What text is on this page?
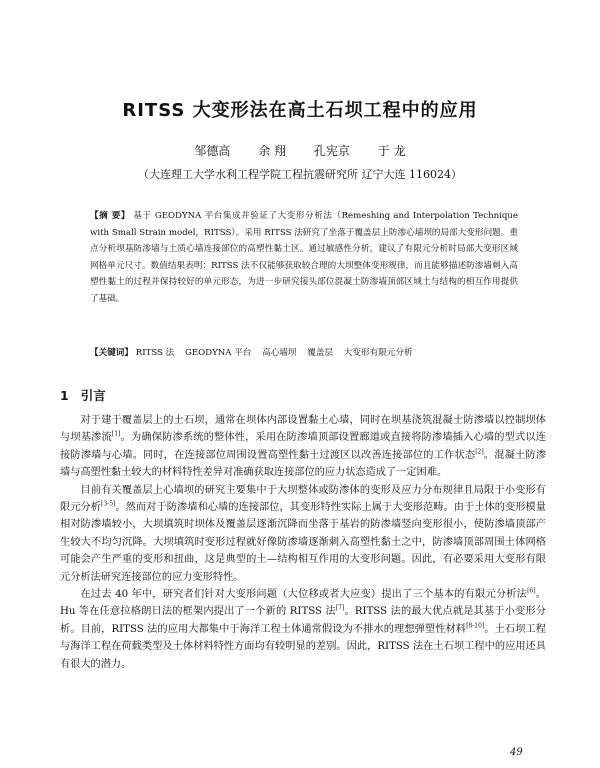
RITSS 大变形法在高土石坝工程中的应用
邹德高 余 翔 孔宪京 于 龙
（大连理工大学水利工程学院工程抗震研究所 辽宁大连 116024）
【摘 要】 基于 GEODYNA 平台集成并验证了大变形分析法（Remeshing and Interpolation Technique with Small Strain model，RITSS）。采用 RITSS 法研究了坐落于覆盖层上防渗心墙坝的局部大变形问题。重点分析坝基防渗墙与土质心墙连接部位的高塑性黏土区。通过敏感性分析，建议了有限元分析时局部大变形区域网格单元尺寸。数值结果表明：RITSS 法不仅能够获取较合理的大坝整体变形规律，而且能够描述防渗墙刺入高塑性黏土的过程并保持较好的单元形态，为进一步研究接头部位混凝土防渗墙顶部区域土与结构的相互作用提供了基础。
【关键词】 RITSS 法 GEODYNA 平台 高心墙坝 覆盖层 大变形有限元分析
1 引言

对于建于覆盖层上的土石坝，通常在坝体内部设置黏土心墙，同时在坝基浇筑混凝土防渗墙以控制坝体与坝基渗流[1]。为确保防渗系统的整体性，采用在防渗墙顶部设置廊道或直接将防渗墙插入心墙的型式以连接防渗墙与心墙。同时，在连接部位周围设置高塑性黏土过渡区以改善连接部位的工作状态[2]。混凝土防渗墙与高塑性黏土较大的材料特性差异对准确获取连接部位的应力状态造成了一定困难。

目前有关覆盖层上心墙坝的研究主要集中于大坝整体或防渗体的变形及应力分布规律且局限于小变形有限元分析[3-5]。然而对于防渗墙和心墙的连接部位，其变形特性实际上属于大变形范畴。由于土体的变形模量相对防渗墙较小，大坝填筑时坝体及覆盖层逐渐沉降而坐落于基岩的防渗墙竖向变形很小，使防渗墙顶部产生较大不均匀沉降。大坝填筑时变形过程就好像防渗墙逐渐刺入高塑性黏土之中，防渗墙顶部周围土体网格可能会产生严重的变形和扭曲，这是典型的土—结构相互作用的大变形问题。因此，有必要采用大变形有限元分析法研究连接部位的应力变形特性。

在过去 40 年中，研究者们针对大变形问题（大位移或者大应变）提出了三个基本的有限元分析法[6]。Hu 等在任意拉格朗日法的框架内提出了一个新的 RITSS 法[7]。RITSS 法的最大优点就是其基于小变形分析。目前，RITSS 法的应用大都集中于海洋工程土体通常假设为不排水的理想弹塑性材料[8-10]。土石坝工程与海洋工程在荷载类型及土体材料特性方面均有较明显的差别。因此，RITSS 法在土石坝工程中的应用还具有很大的潜力。

49
